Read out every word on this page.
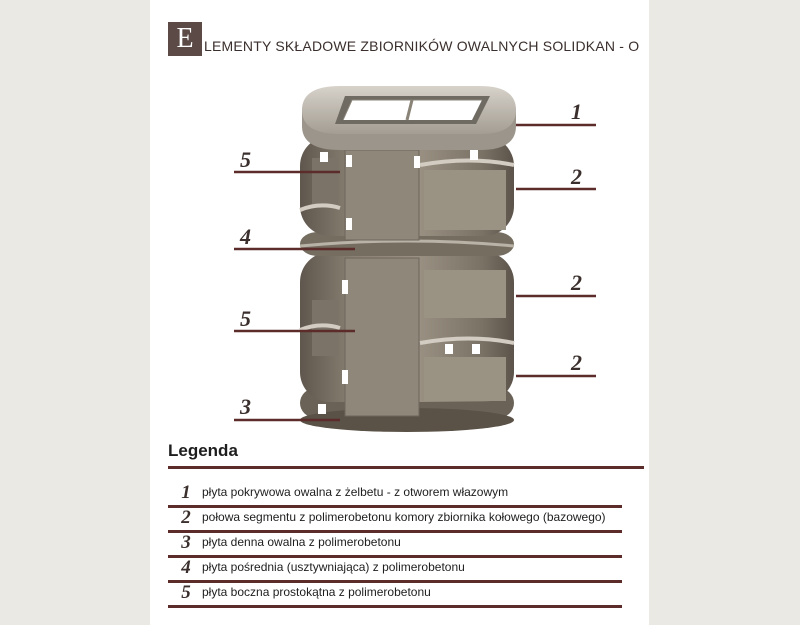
E LEMENTY SKŁADOWE ZBIORNIKÓW OWALNYCH SOLIDKAN - O
5
4
5
3
1
2
2
2
Legenda
1 płyta pokrywowa owalna z żelbetu - z otworem włazowym
2 połowa segmentu z polimerobetonu komory zbiornika kołowego (bazowego)
3 płyta denna owalna z polimerobetonu
4 płyta pośrednia (usztywniająca) z polimerobetonu
5 płyta boczna prostokątna z polimerobetonu
